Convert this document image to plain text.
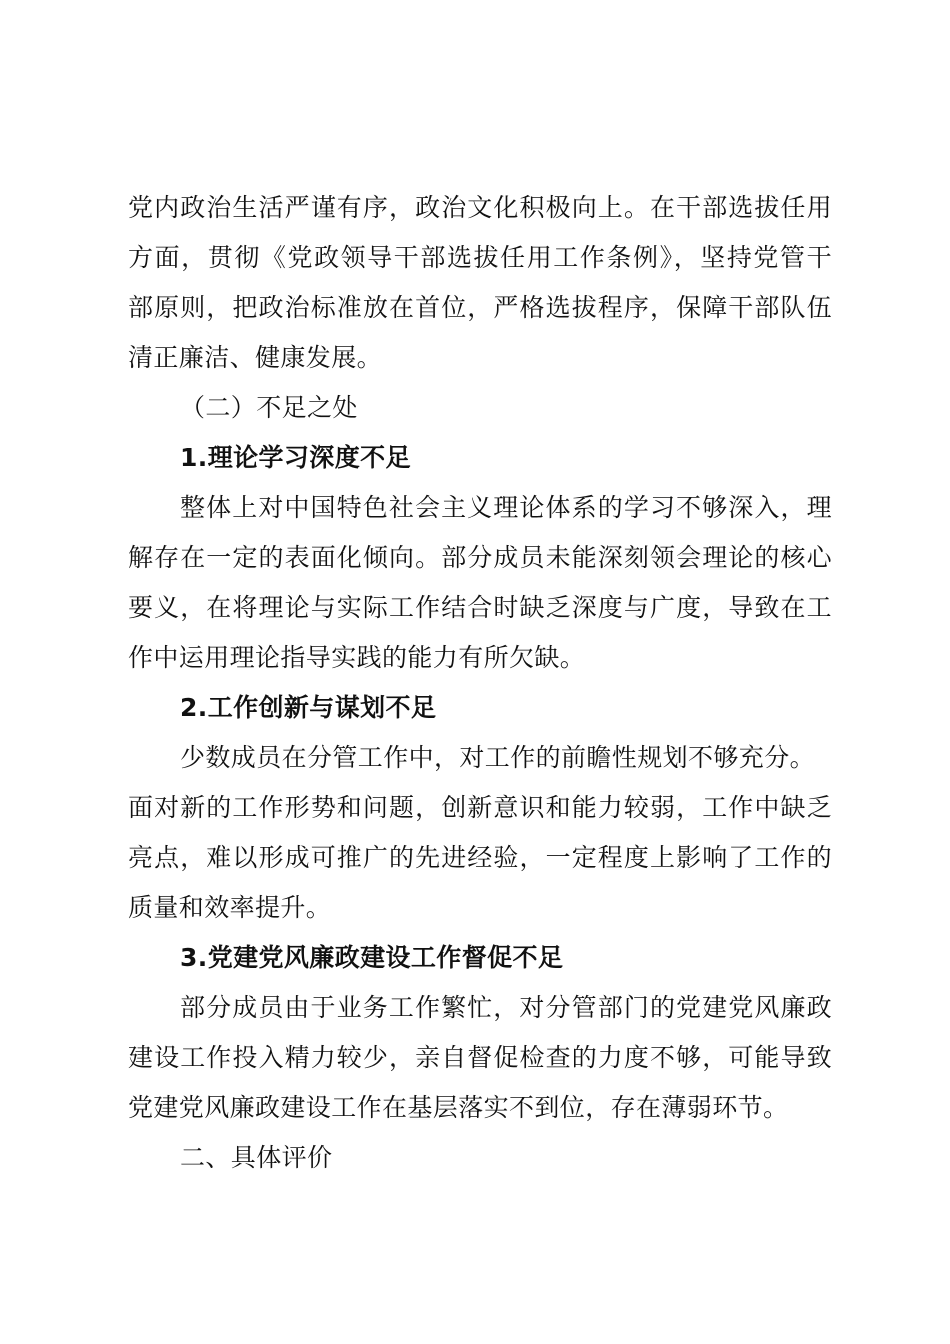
党内政治生活严谨有序，政治文化积极向上。在干部选拔任用
方面，贯彻《党政领导干部选拔任用工作条例》，坚持党管干
部原则，把政治标准放在首位，严格选拔程序，保障干部队伍
清正廉洁、健康发展。
（二）不足之处
1.理论学习深度不足
整体上对中国特色社会主义理论体系的学习不够深入，理
解存在一定的表面化倾向。部分成员未能深刻领会理论的核心
要义，在将理论与实际工作结合时缺乏深度与广度，导致在工
作中运用理论指导实践的能力有所欠缺。
2.工作创新与谋划不足
少数成员在分管工作中，对工作的前瞻性规划不够充分。
面对新的工作形势和问题，创新意识和能力较弱，工作中缺乏
亮点，难以形成可推广的先进经验，一定程度上影响了工作的
质量和效率提升。
3.党建党风廉政建设工作督促不足
部分成员由于业务工作繁忙，对分管部门的党建党风廉政
建设工作投入精力较少，亲自督促检查的力度不够，可能导致
党建党风廉政建设工作在基层落实不到位，存在薄弱环节。
二、具体评价
